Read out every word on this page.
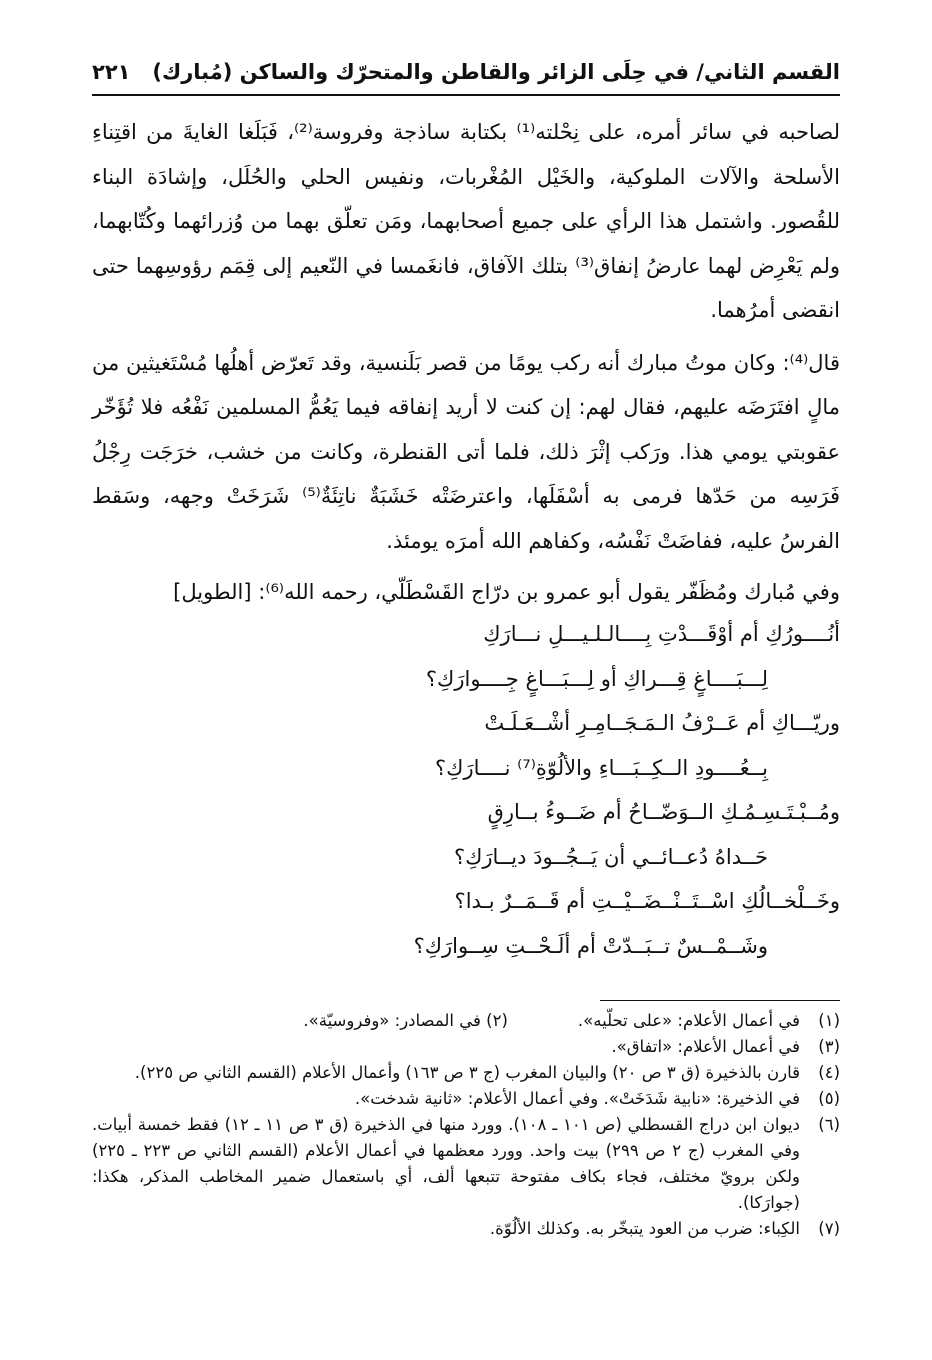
القسم الثاني/ في حِلَى الزائر والقاطن والمتحرّك والساكن (مُبارك)
٢٢١

لصاحبه في سائر أمره، على نِحْلته⁽¹⁾ بكتابة ساذجة وفروسة⁽²⁾، فَبَلَغا الغايةَ من اقتِناءِ الأسلحة والآلات الملوكية، والخَيْل المُغْربات، ونفيس الحلي والحُلَل، وإشادَة البناء للقُصور. واشتمل هذا الرأي على جميع أصحابهما، ومَن تعلّق بهما من وُزرائهما وكُتّابهما، ولم يَعْرِض لهما عارضُ إنفاق⁽³⁾ بتلك الآفاق، فانغَمسا في النّعيم إلى قِمَم رؤوسِهما حتى انقضى أمرُهما.

قال⁽⁴⁾: وكان موتُ مبارك أنه ركب يومًا من قصر بَلَنسية، وقد تَعرّض أهلُها مُسْتَغيثين من مالٍ افتَرَضَه عليهم، فقال لهم: إن كنت لا أريد إنفاقه فيما يَعُمُّ المسلمين نَفْعُه فلا تُؤَخّر عقوبتي يومي هذا. ورَكب إثْرَ ذلك، فلما أتى القنطرة، وكانت من خشب، خرَجَت رِجْلُ فَرَسِه من حَدّها فرمى به أسْفَلَها، واعترضَتْه خَشَبَةٌ ناتِئَةٌ⁽⁵⁾ شَرَخَتْ وجهه، وسَقط الفرسُ عليه، ففاضَتْ نَفْسُه، وكفاهم الله أمرَه يومئذ.

وفي مُبارك ومُظَفّر يقول أبو عمرو بن درّاج القَسْطَلّي، رحمه الله⁽⁶⁾: [الطويل]
أنُــــورُكِ أم أوْقَـــدْتِ بِــــالـلـيـــلِ نـــارَكِ
لِـــبَــــاغٍ قِـــراكِ أو لِـــبَـــاغٍ جِــــوارَكِ؟
وريّـــاكِ أم عَــرْفُ الـمَـجَــامِـرِ أشْــعَـلَـتْ
بِــعُــــودِ الــكِــبَـــاءِ والألُوّةِ⁽⁷⁾ نــــارَكِ؟
ومُــبْـتَـسِـمُـكِ الــوَضّــاحُ أم ضَــوءُ بــارِقٍ
حَــداهُ دُعــائــي أن يَــجُــودَ ديــارَكِ؟
وخَــلْخــالُكِ اسْــتَــنْــضَــيْــتِ أم قَــمَــرٌ بـدا؟
وشَــمْــسٌ تــبَــدّتْ أم ألَـحْــتِ سِــوارَكِ؟
(١)
في أعمال الأعلام: «على تحلّيه».
(٢) في المصادر: «وفروسيّة».
(٣)
في أعمال الأعلام: «اتفاق».
(٤)
قارن بالذخيرة (ق ٣ ص ٢٠) والبيان المغرب (ج ٣ ص ١٦٣) وأعمال الأعلام (القسم الثاني ص ٢٢٥).
(٥)
في الذخيرة: «نابية شَدَخَتْ». وفي أعمال الأعلام: «ثانية شدخت».
(٦)
ديوان ابن دراج القسطلي (ص ١٠١ ـ ١٠٨). وورد منها في الذخيرة (ق ٣ ص ١١ ـ ١٢) فقط خمسة أبيات. وفي المغرب (ج ٢ ص ٢٩٩) بيت واحد. وورد معظمها في أعمال الأعلام (القسم الثاني ص ٢٢٣ ـ ٢٢٥) ولكن برويّ مختلف، فجاء بكاف مفتوحة تتبعها ألف، أي باستعمال ضمير المخاطب المذكر، هكذا: (جوارَكا).
(٧)
الكِباء: ضرب من العود يتبخّر به. وكذلك الألُوّة.
